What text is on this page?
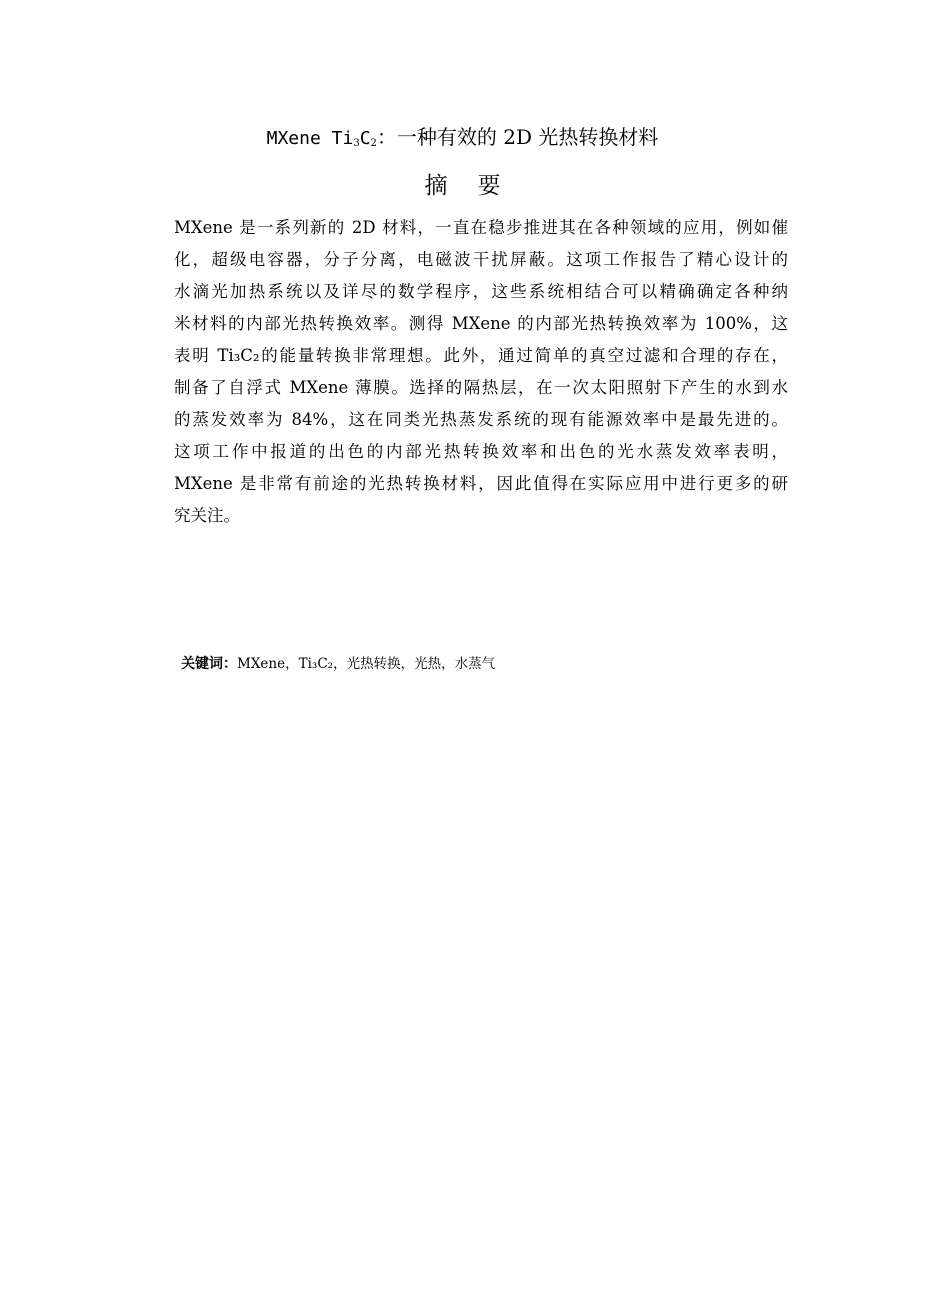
MXene $Ti_3C_2$：一种有效的 2D 光热转换材料
摘要
MXene 是一系列新的 2D 材料，一直在稳步推进其在各种领域的应用，例如催
化，超级电容器，分子分离，电磁波干扰屏蔽。这项工作报告了精心设计的
水滴光加热系统以及详尽的数学程序，这些系统相结合可以精确确定各种纳
米材料的内部光热转换效率。测得 MXene 的内部光热转换效率为 100%，这
表明 Ti₃C₂的能量转换非常理想。此外，通过简单的真空过滤和合理的存在，
制备了自浮式 MXene 薄膜。选择的隔热层，在一次太阳照射下产生的水到水
的蒸发效率为 84%，这在同类光热蒸发系统的现有能源效率中是最先进的。
这项工作中报道的出色的内部光热转换效率和出色的光水蒸发效率表明，
MXene 是非常有前途的光热转换材料，因此值得在实际应用中进行更多的研
究关注。
关键词：MXene，Ti₃C₂，光热转换，光热，水蒸气
